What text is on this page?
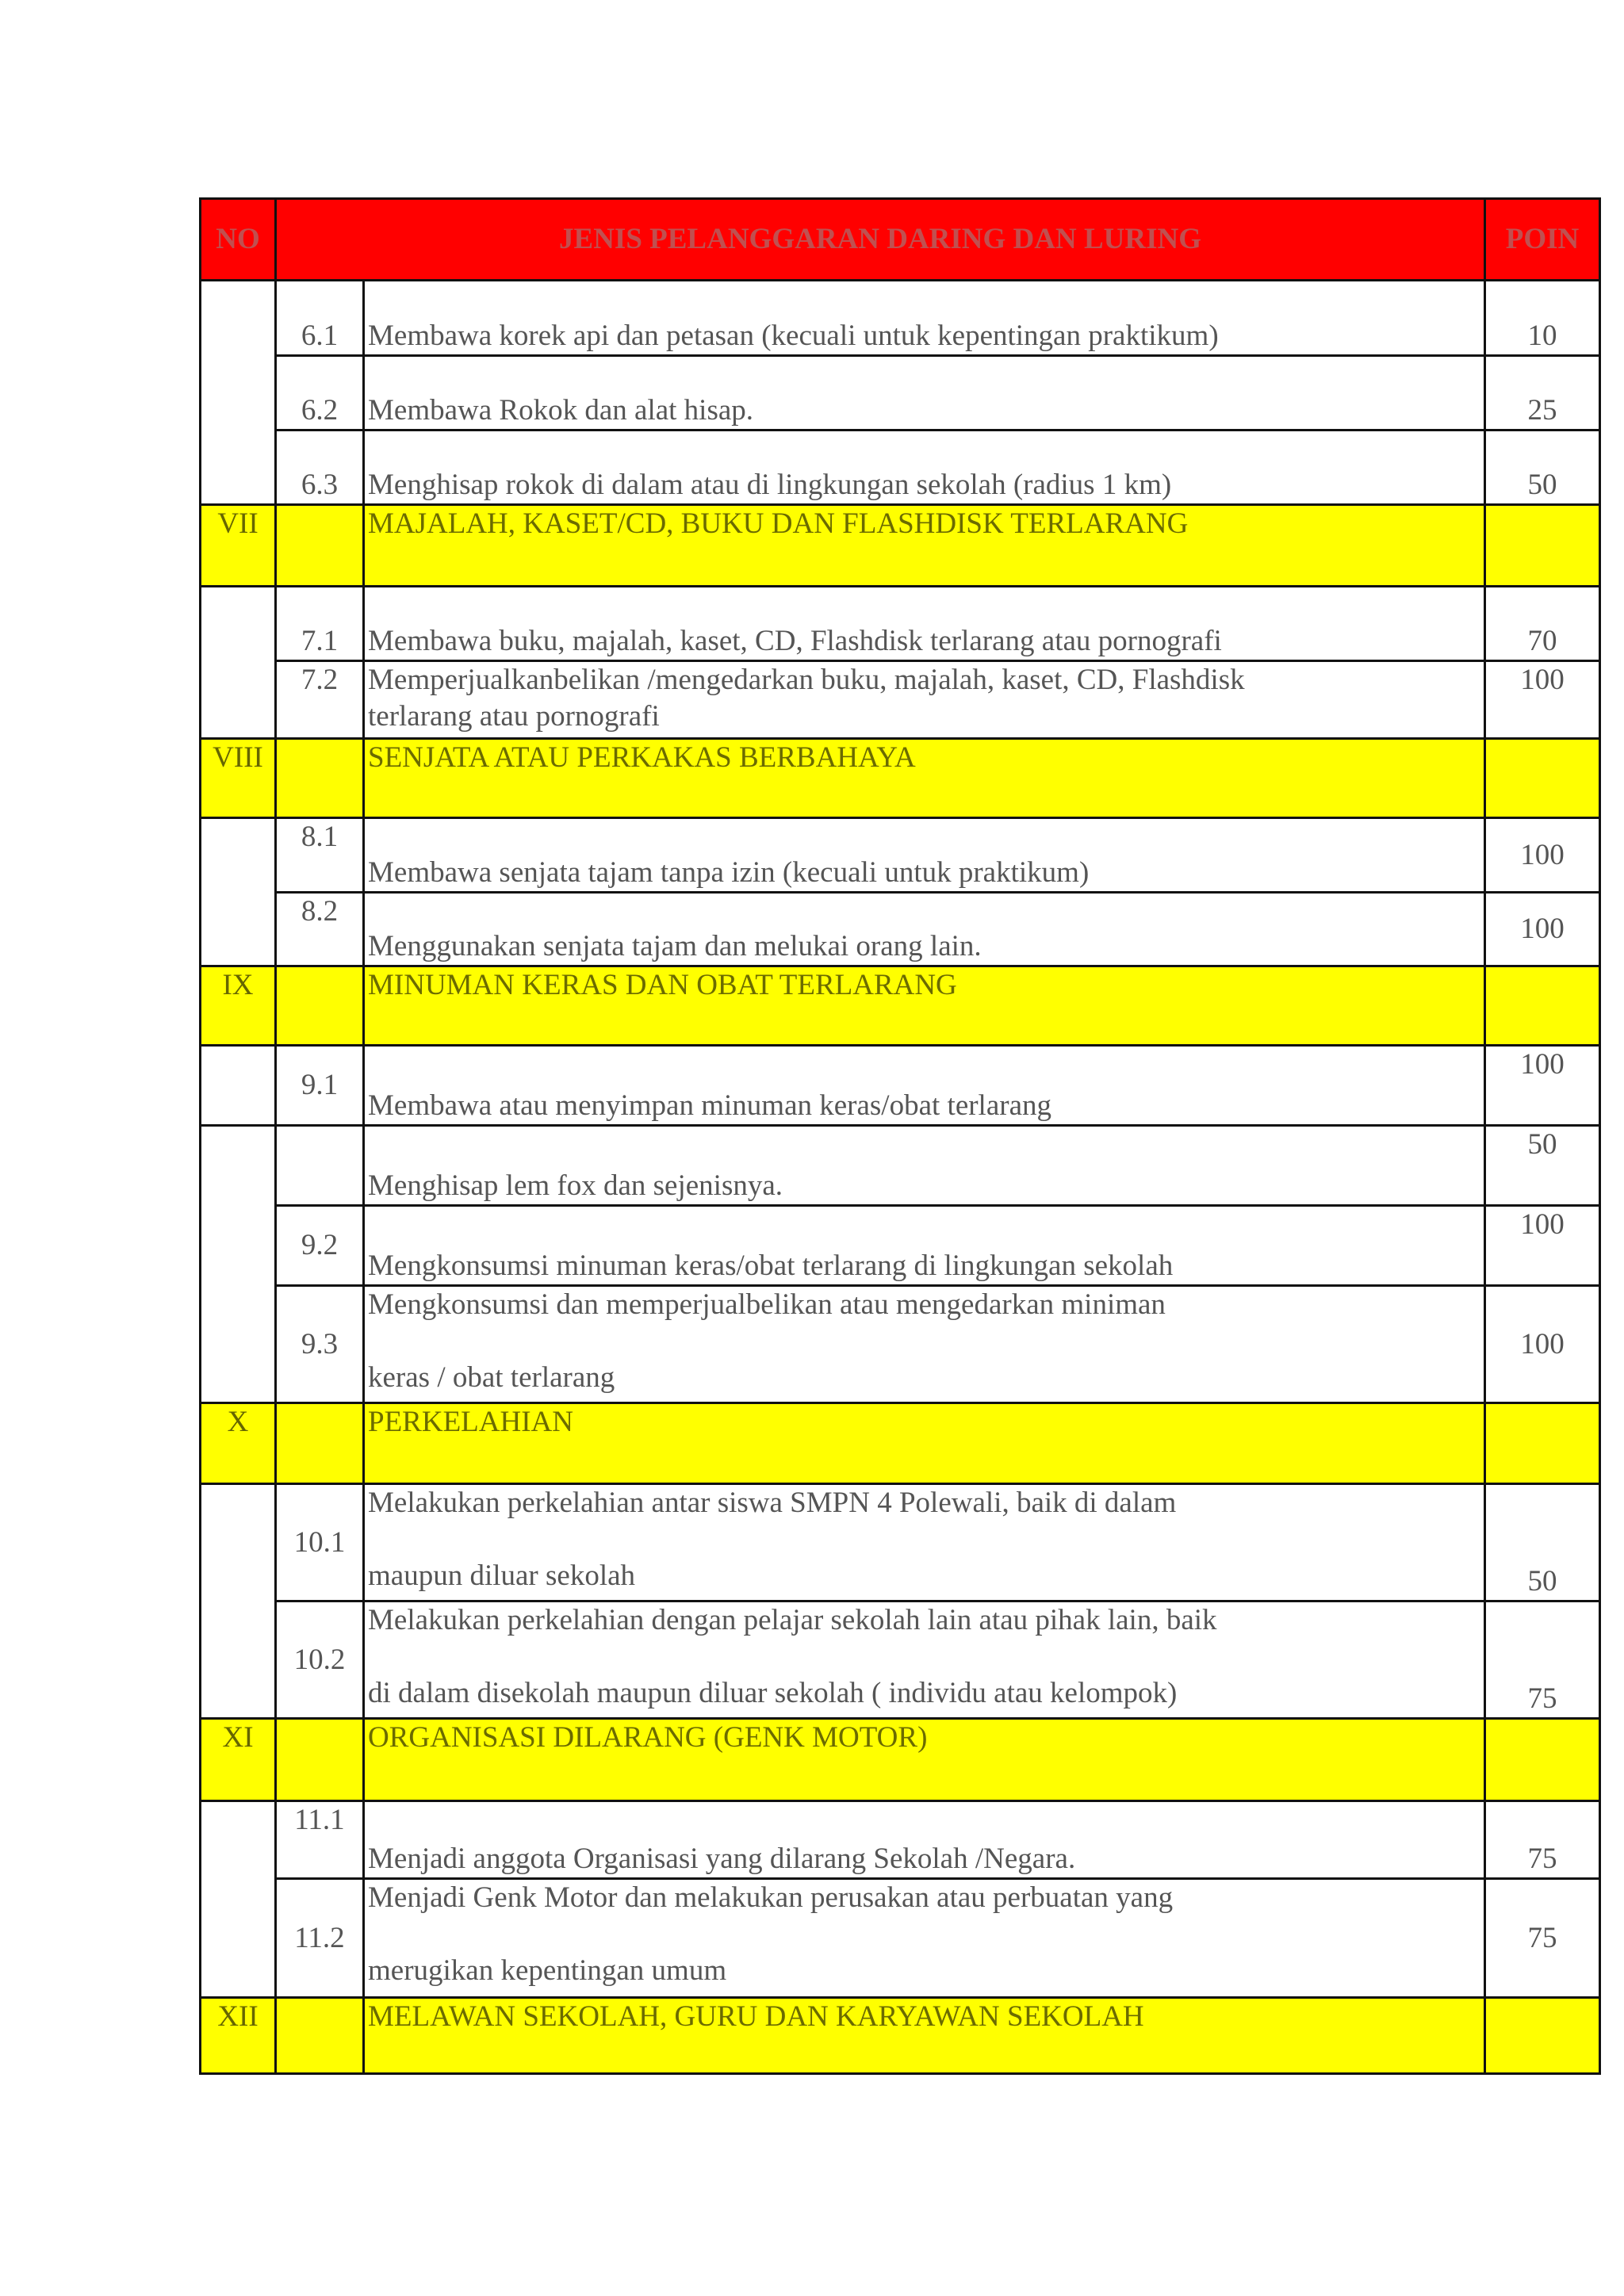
NO	JENIS PELANGGARAN DARING DAN LURING		POIN
	6.1	Membawa korek api dan petasan (kecuali untuk kepentingan praktikum)	10
	6.2	Membawa Rokok dan alat hisap.	25
	6.3	Menghisap rokok di dalam atau di lingkungan sekolah (radius 1 km)	50
VII		MAJALAH, KASET/CD, BUKU DAN FLASHDISK TERLARANG	
	7.1	Membawa buku, majalah, kaset, CD, Flashdisk terlarang atau pornografi	70
	7.2	Memperjualkanbelikan /mengedarkan buku, majalah, kaset, CD, Flashdisk
terlarang atau pornografi	100
VIII		SENJATA ATAU PERKAKAS BERBAHAYA	
	8.1	Membawa senjata tajam tanpa izin (kecuali untuk praktikum)	100
	8.2	Menggunakan senjata tajam dan melukai orang lain.	100
IX		MINUMAN KERAS DAN OBAT TERLARANG	
	9.1	Membawa atau menyimpan minuman keras/obat terlarang	100
		Menghisap lem fox dan sejenisnya.	50
	9.2	Mengkonsumsi minuman keras/obat terlarang di lingkungan sekolah	100
	9.3	Mengkonsumsi dan memperjualbelikan atau mengedarkan miniman
keras / obat terlarang	100
X		PERKELAHIAN	
	10.1	Melakukan perkelahian antar siswa SMPN 4 Polewali, baik di dalam
maupun diluar sekolah	50
	10.2	Melakukan perkelahian dengan pelajar sekolah lain atau pihak lain, baik
di dalam disekolah maupun diluar sekolah ( individu atau kelompok)	75
XI		ORGANISASI DILARANG (GENK MOTOR)	
	11.1	Menjadi anggota Organisasi yang dilarang Sekolah /Negara.	75
	11.2	Menjadi Genk Motor dan melakukan perusakan atau perbuatan yang
merugikan kepentingan umum	75
XII		MELAWAN SEKOLAH, GURU DAN KARYAWAN SEKOLAH	
